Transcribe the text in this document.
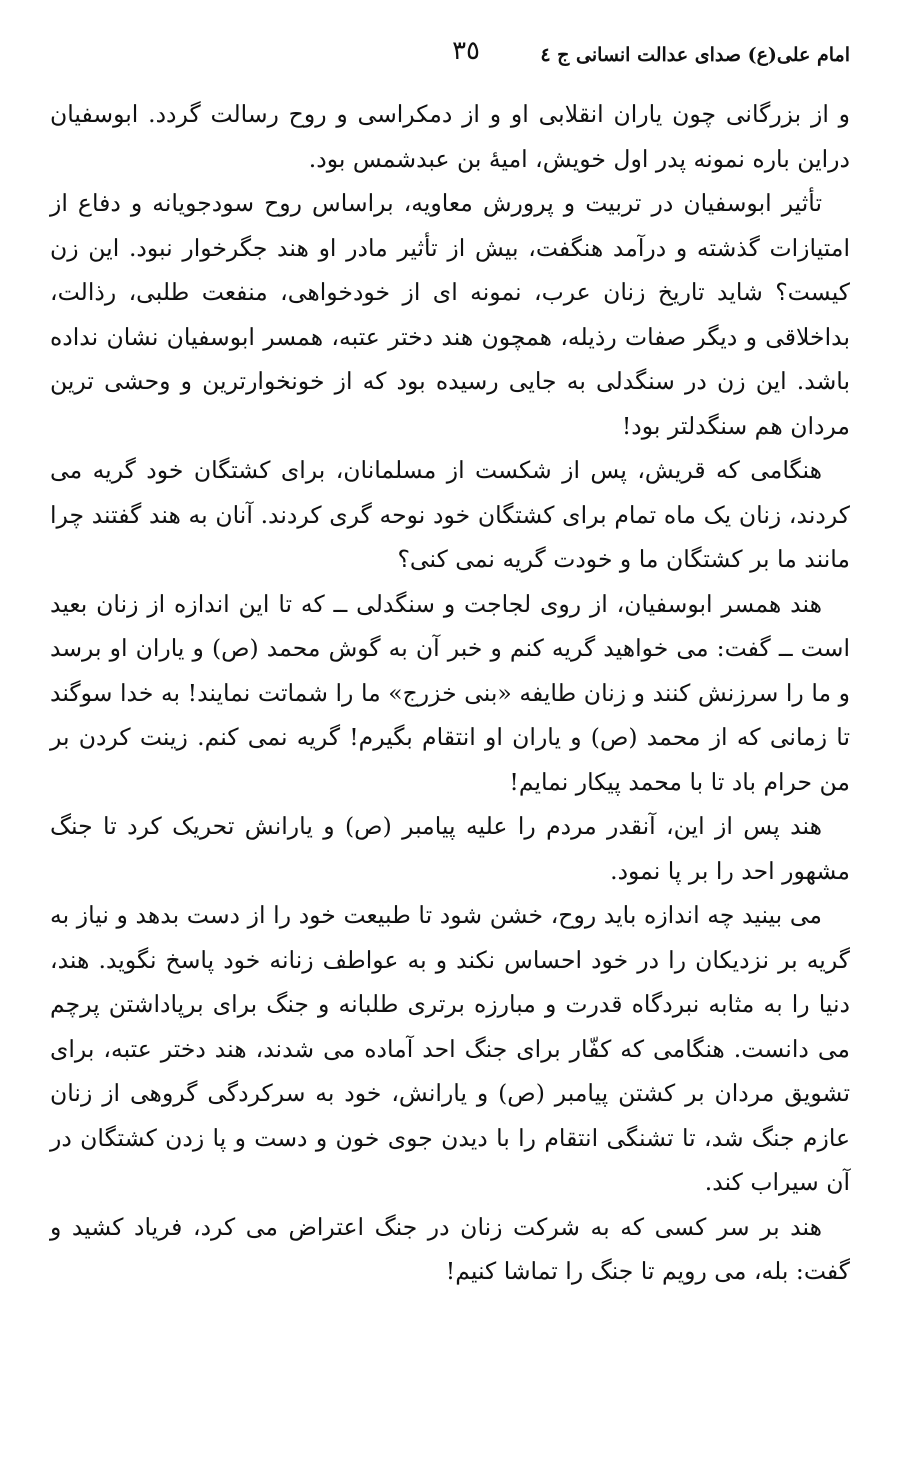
امام علی(ع) صدای عدالت انسانی ج ٤
٣٥

و از بزرگانی چون یاران انقلابی او و از دمکراسی و روح رسالت گردد. ابوسفیان دراین باره نمونه پدر اول خویش، امیهٔ بن عبدشمس بود.

تأثیر ابوسفیان در تربیت و پرورش معاویه، براساس روح سودجویانه و دفاع از امتیازات گذشته و درآمد هنگفت، بیش از تأثیر مادر او هند جگرخوار نبود. این زن کیست؟ شاید تاریخ زنان عرب، نمونه ای از خودخواهی، منفعت طلبی، رذالت، بداخلاقی و دیگر صفات رذیله، همچون هند دختر عتبه، همسر ابوسفیان نشان نداده باشد. این زن در سنگدلی به جایی رسیده بود که از خونخوارترین و وحشی ترین مردان هم سنگدلتر بود!

هنگامی که قریش، پس از شکست از مسلمانان، برای کشتگان خود گریه می کردند، زنان یک ماه تمام برای کشتگان خود نوحه گری کردند. آنان به هند گفتند چرا مانند ما بر کشتگان ما و خودت گریه نمی کنی؟

هند همسر ابوسفیان، از روی لجاجت و سنگدلی ــ که تا این اندازه از زنان بعید است ــ گفت: می خواهید گریه کنم و خبر آن به گوش محمد (ص) و یاران او برسد و ما را سرزنش کنند و زنان طایفه «بنی خزرج» ما را شماتت نمایند! به خدا سوگند تا زمانی که از محمد (ص) و یاران او انتقام بگیرم! گریه نمی کنم. زینت کردن بر من حرام باد تا با محمد پیکار نمایم!

هند پس از این، آنقدر مردم را علیه پیامبر (ص) و یارانش تحریک کرد تا جنگ مشهور احد را بر پا نمود.

می بینید چه اندازه باید روح، خشن شود تا طبیعت خود را از دست بدهد و نیاز به گریه بر نزدیکان را در خود احساس نکند و به عواطف زنانه خود پاسخ نگوید. هند، دنیا را به مثابه نبردگاه قدرت و مبارزه برتری طلبانه و جنگ برای برپاداشتن پرچم می دانست. هنگامی که کفّار برای جنگ احد آماده می شدند، هند دختر عتبه، برای تشویق مردان بر کشتن پیامبر (ص) و یارانش، خود به سرکردگی گروهی از زنان عازم جنگ شد، تا تشنگی انتقام را با دیدن جوی خون و دست و پا زدن کشتگان در آن سیراب کند.

هند بر سر کسی که به شرکت زنان در جنگ اعتراض می کرد، فریاد کشید و گفت: بله، می رویم تا جنگ را تماشا کنیم!
